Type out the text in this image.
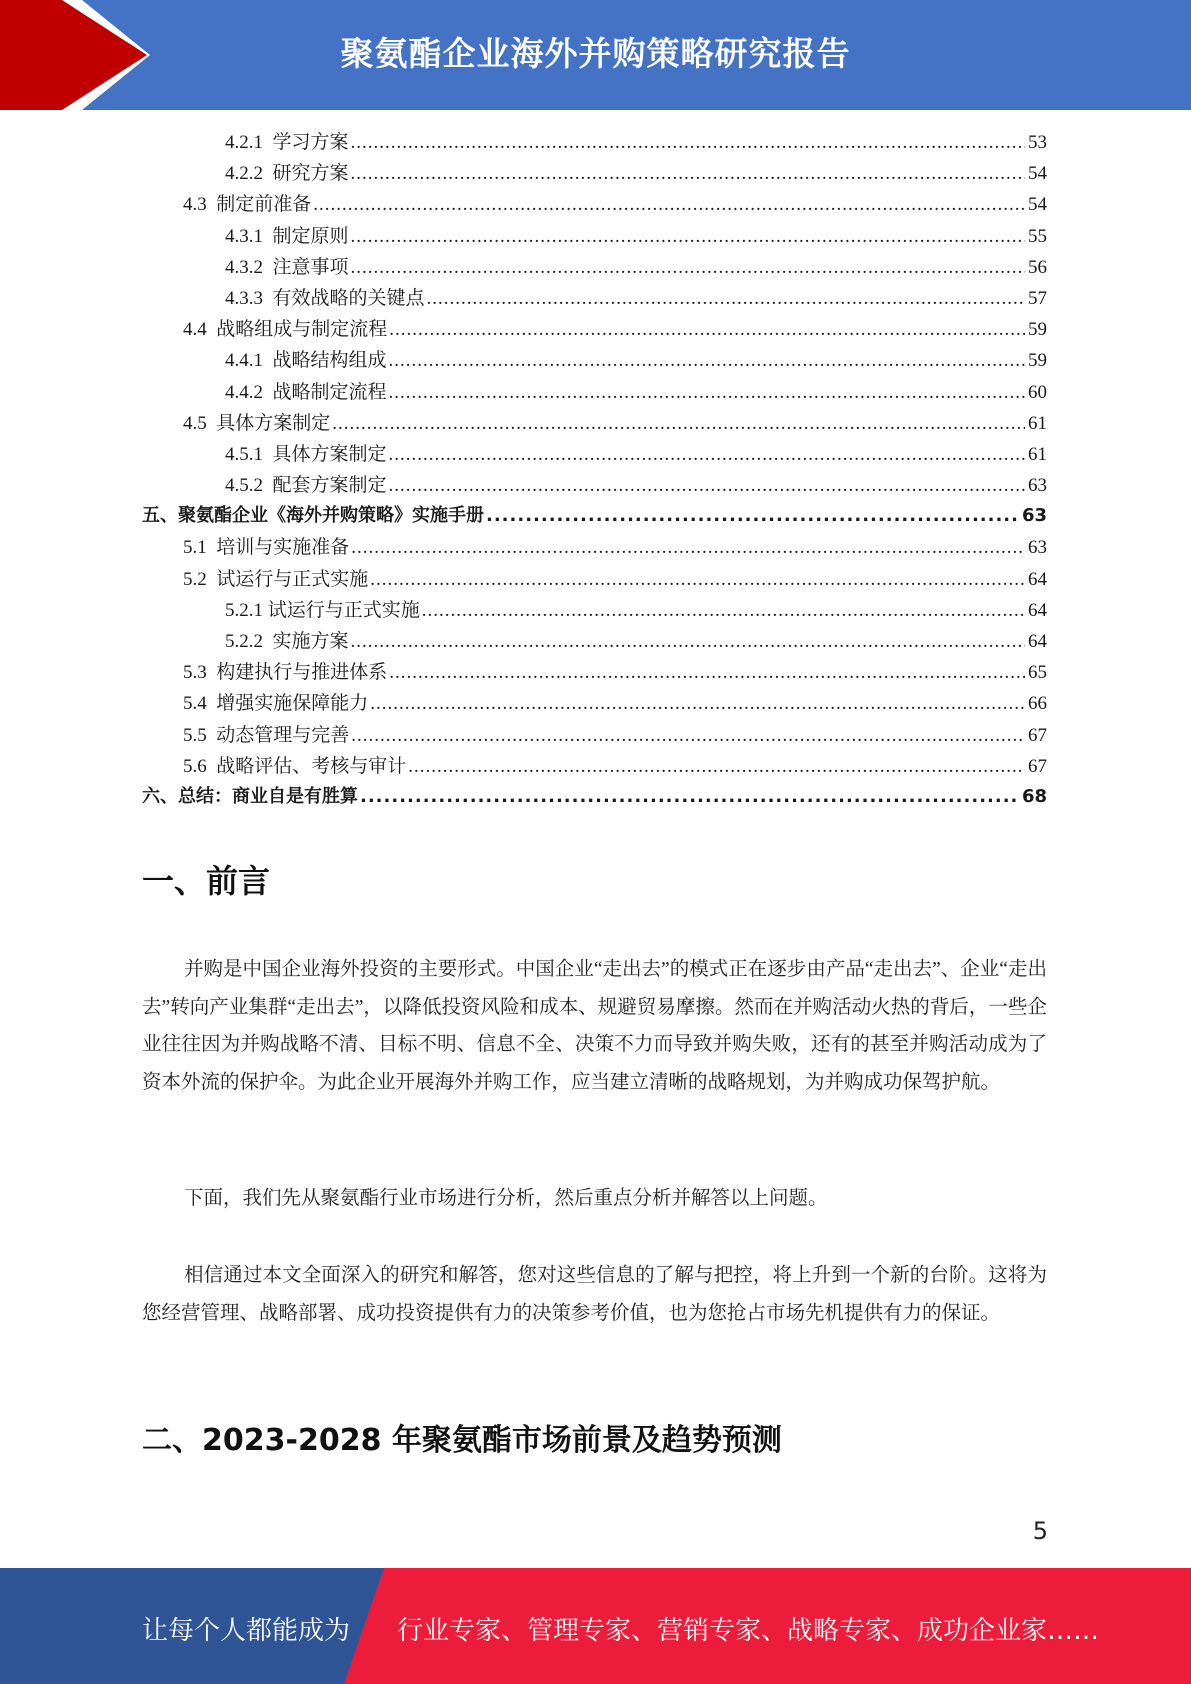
聚氨酯企业海外并购策略研究报告
4.2.1  学习方案 .....	53
4.2.2  研究方案 .....	54
4.3  制定前准备 .....	54
4.3.1  制定原则 .....	55
4.3.2  注意事项 .....	56
4.3.3  有效战略的关键点 .....	57
4.4  战略组成与制定流程 .....	59
4.4.1  战略结构组成 .....	59
4.4.2  战略制定流程 .....	60
4.5  具体方案制定 .....	61
4.5.1  具体方案制定 .....	61
4.5.2  配套方案制定 .....	63
五、聚氨酯企业《海外并购策略》实施手册 .....	63
5.1  培训与实施准备 .....	63
5.2  试运行与正式实施 .....	64
5.2.1 试运行与正式实施 .....	64
5.2.2  实施方案 .....	64
5.3  构建执行与推进体系 .....	65
5.4  增强实施保障能力 .....	66
5.5  动态管理与完善 .....	67
5.6  战略评估、考核与审计 .....	67
六、总结：商业自是有胜算 .....	68
一、前言
并购是中国企业海外投资的主要形式。中国企业“走出去”的模式正在逐步由产品“走出去”、企业“走出去”转向产业集群“走出去”，以降低投资风险和成本、规避贸易摩擦。然而在并购活动火热的背后，一些企业往往因为并购战略不清、目标不明、信息不全、决策不力而导致并购失败，还有的甚至并购活动成为了资本外流的保护伞。为此企业开展海外并购工作，应当建立清晰的战略规划，为并购成功保驾护航。
下面，我们先从聚氨酯行业市场进行分析，然后重点分析并解答以上问题。
相信通过本文全面深入的研究和解答，您对这些信息的了解与把控，将上升到一个新的台阶。这将为您经营管理、战略部署、成功投资提供有力的决策参考价值，也为您抢占市场先机提供有力的保证。
二、2023-2028 年聚氨酯市场前景及趋势预测
5
让每个人都能成为 行业专家、管理专家、营销专家、战略专家、成功企业家……
